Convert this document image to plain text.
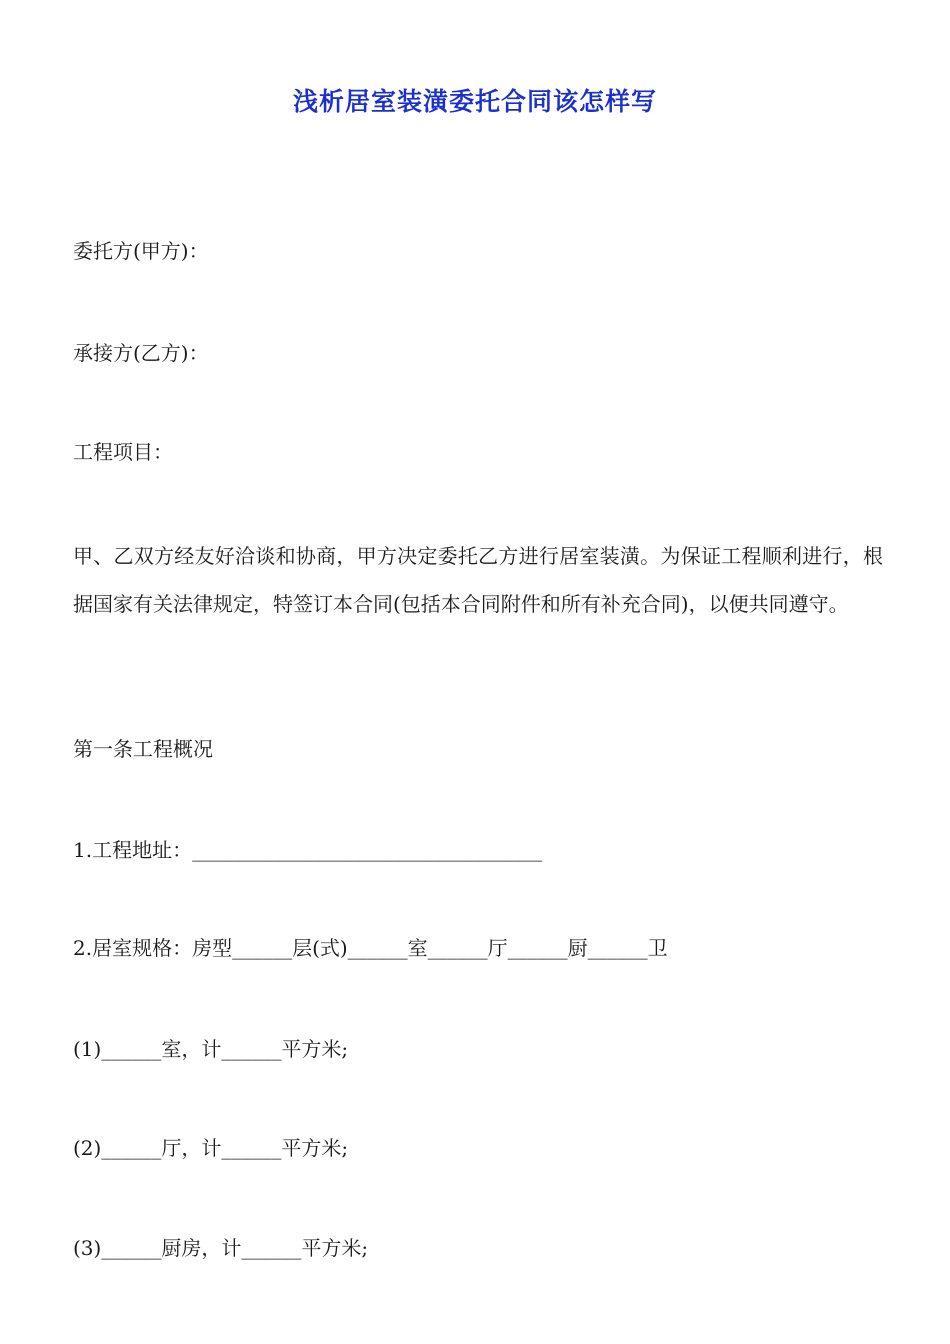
浅析居室装潢委托合同该怎样写
委托方(甲方)：
承接方(乙方)：
工程项目：
甲、乙双方经友好洽谈和协商，甲方决定委托乙方进行居室装潢。为保证工程顺利进行，根据国家有关法律规定，特签订本合同(包括本合同附件和所有补充合同)，以便共同遵守。
第一条工程概况
1.工程地址：___________________________________
2.居室规格：房型______层(式)______室______厅______厨______卫
(1)______室，计______平方米;
(2)______厅，计______平方米;
(3)______厨房，计______平方米;
